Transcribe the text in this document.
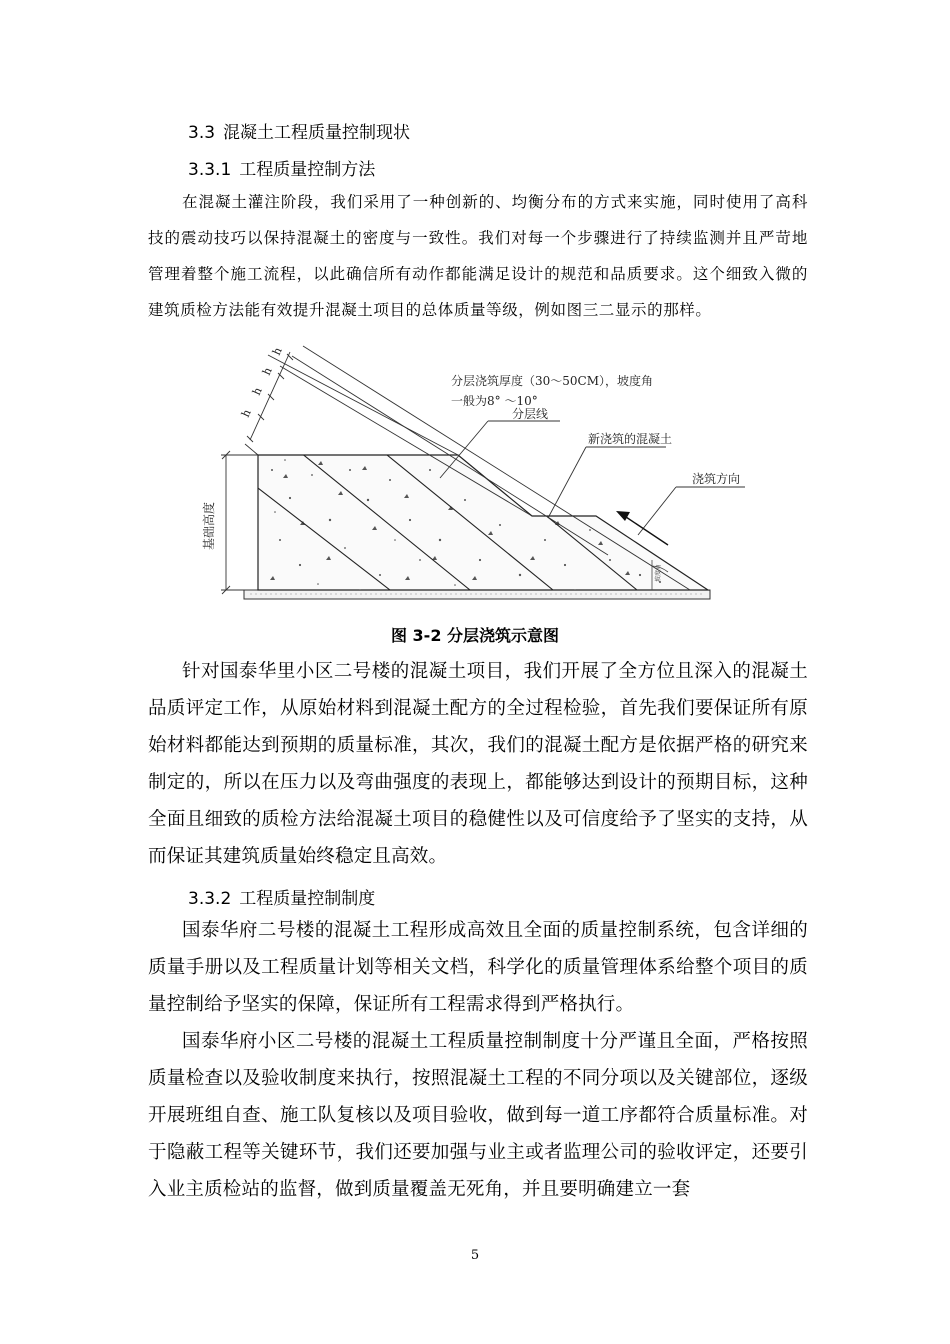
3.3 混凝土工程质量控制现状
3.3.1 工程质量控制方法

在混凝土灌注阶段，我们采用了一种创新的、均衡分布的方式来实施，同时使用了高科技的震动技巧以保持混凝土的密度与一致性。我们对每一个步骤进行了持续监测并且严苛地管理着整个施工流程，以此确信所有动作都能满足设计的规范和品质要求。这个细致入微的建筑质检方法能有效提升混凝土项目的总体质量等级，例如图三二显示的那样。

h
h
h
h
基础高度
分层浇筑厚度（30～50CM），坡度角
一般为8° ～10°
分层线
新浇筑的混凝土
浇筑方向
坡度角
图 3-2 分层浇筑示意图

针对国泰华里小区二号楼的混凝土项目，我们开展了全方位且深入的混凝土品质评定工作，从原始材料到混凝土配方的全过程检验，首先我们要保证所有原始材料都能达到预期的质量标准，其次，我们的混凝土配方是依据严格的研究来制定的，所以在压力以及弯曲强度的表现上，都能够达到设计的预期目标，这种全面且细致的质检方法给混凝土项目的稳健性以及可信度给予了坚实的支持，从而保证其建筑质量始终稳定且高效。

3.3.2 工程质量控制制度

国泰华府二号楼的混凝土工程形成高效且全面的质量控制系统，包含详细的质量手册以及工程质量计划等相关文档，科学化的质量管理体系给整个项目的质量控制给予坚实的保障，保证所有工程需求得到严格执行。

国泰华府小区二号楼的混凝土工程质量控制制度十分严谨且全面，严格按照质量检查以及验收制度来执行，按照混凝土工程的不同分项以及关键部位，逐级开展班组自查、施工队复核以及项目验收，做到每一道工序都符合质量标准。对于隐蔽工程等关键环节，我们还要加强与业主或者监理公司的验收评定，还要引入业主质检站的监督，做到质量覆盖无死角，并且要明确建立一套

5
